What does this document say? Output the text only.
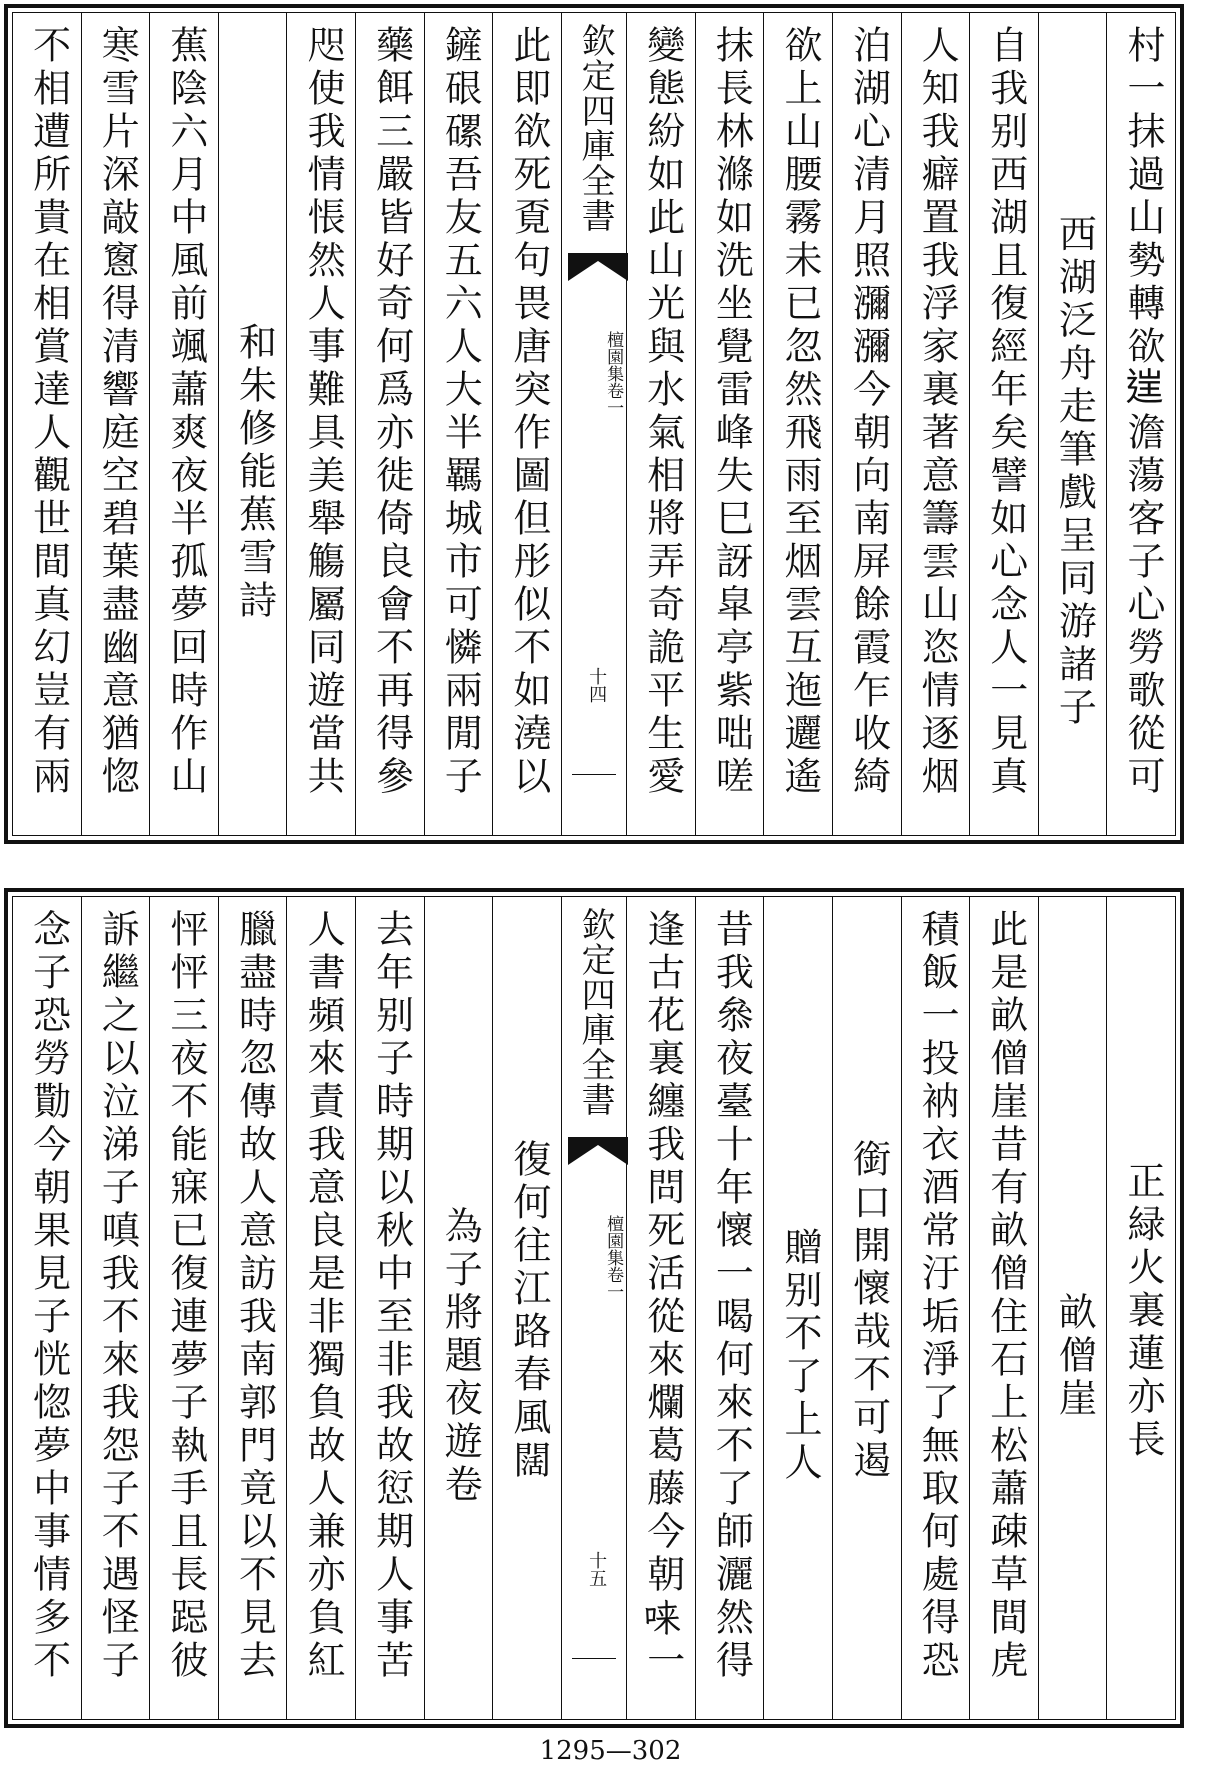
村一抹過山勢轉欲𨓏澹蕩客子心勞歌從可
西湖泛舟走筆戲呈同游諸子
自我别西湖且復經年矣譬如心念人一見真
人知我癖置我浮家裏著意籌雲山恣情逐烟
泊湖心清月照瀰瀰今朝向南屏餘霞乍收綺
欲上山腰霧未已忽然飛雨至烟雲互迤邐遙
抹長林滌如洗坐覺雷峰失巳訝皐亭紫咄嗟
變態紛如此山光與水氣相將弄奇詭平生愛
欽定四庫全書
檀園集卷一
十四
此即欲死覔句畏唐突作圖但彤似不如澆以
鏟硍磥吾友五六人大半羈城市可憐兩閒子
藥餌三嚴皆好奇何爲亦徙倚良會不再得參
咫使我情悵然人事難具美舉觴屬同遊當共
和朱修能蕉雪詩
蕉陰六月中風前颯蕭爽夜半孤夢回時作山
寒雪片深敲窻得清響庭空碧葉盡幽意猶惚
不相遭所貴在相賞達人觀世間真幻豈有兩
正緑火裏蓮亦長
畝僧崖
此是畝僧崖昔有畝僧住石上松蕭疎草間虎
積飯一投衲衣酒常汙垢淨了無取何處得恐
銜口開懷哉不可遏
贈别不了上人
昔我叅夜臺十年懷一喝何來不了師灑然得
逢古花裏纏我問死活從來爛葛藤今朝𫪁一
欽定四庫全書
檀園集卷一
十五
復何往江路春風闊
為子將題夜遊卷
去年别子時期以秋中至非我故愆期人事苦
人書頻來責我意良是非獨負故人兼亦負紅
臘盡時忽傳故人意訪我南郭門竟以不見去
怦怦三夜不能寐已復連夢子執手且長跽彼
訴繼之以泣涕子嗔我不來我怨子不遇怪子
念子恐勞勩今朝果見子恍惚夢中事情多不
1295—302
